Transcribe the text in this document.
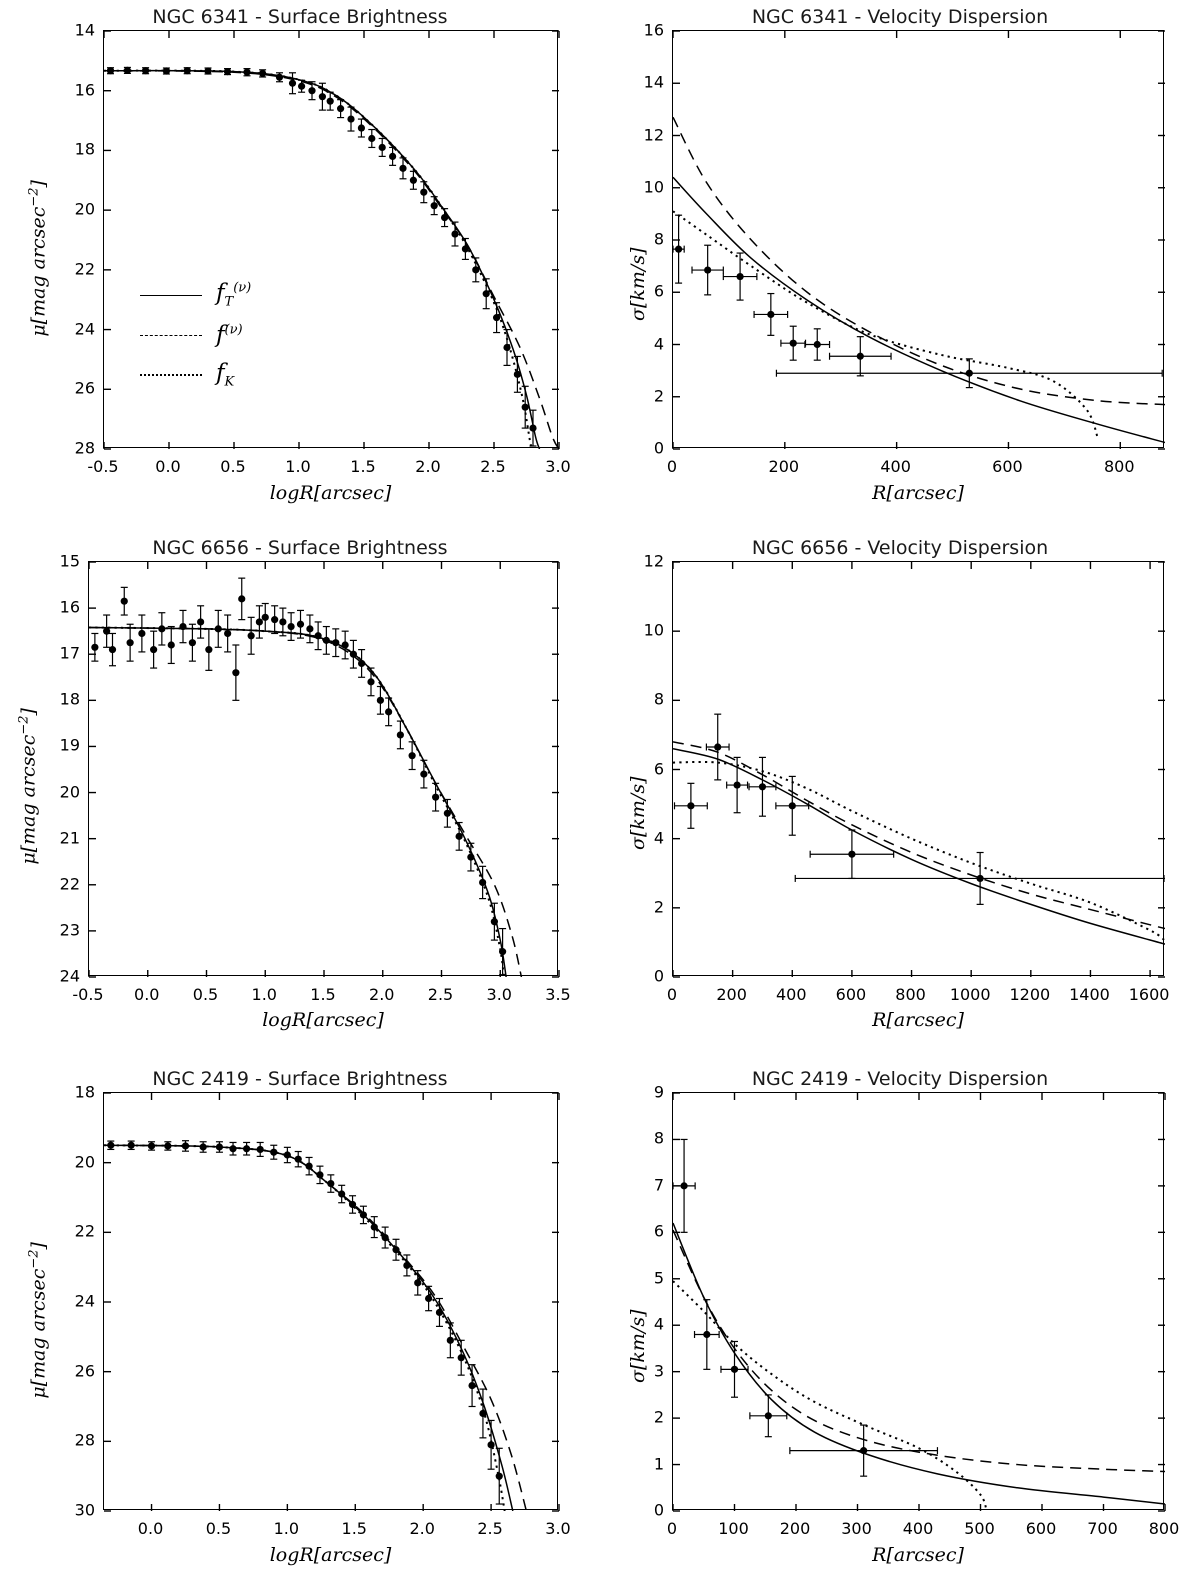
NGC 6341 - Surface Brightness
μ[mag arcsec$^{-2}$]
logR[arcsec]
$f_T^{(\nu)}$
$f^{(\nu)}$
$f_K$
-0.5 0.0 0.5 1.0 1.5 2.0 2.5 3.0
14
16
18
20
22
24
26
28
NGC 6341 - Velocity Dispersion
σ[km/s]
R[arcsec]
0	200	400	600	800
0
2
4
6
8
10
12
14
16
NGC 6656 - Surface Brightness
μ[mag arcsec$^{-2}$]
logR[arcsec]
-0.5 0.0 0.5 1.0 1.5 2.0 2.5 3.0 3.5
15
16
17
18
19
20
21
22
23
24
NGC 6656 - Velocity Dispersion
σ[km/s]
R[arcsec]
0 200 400 600 800 1000 1200 1400 1600
0
2
4
6
8
10
12
NGC 2419 - Surface Brightness
μ[mag arcsec$^{-2}$]
logR[arcsec]
0.0	0.5	1.0	1.5	2.0	2.5	3.0
18
20
22
24
26
28
30
NGC 2419 - Velocity Dispersion
σ[km/s]
R[arcsec]
0	100 200 300 400 500 600 700 800
0
1
2
3
4
5
6
7
8
9
